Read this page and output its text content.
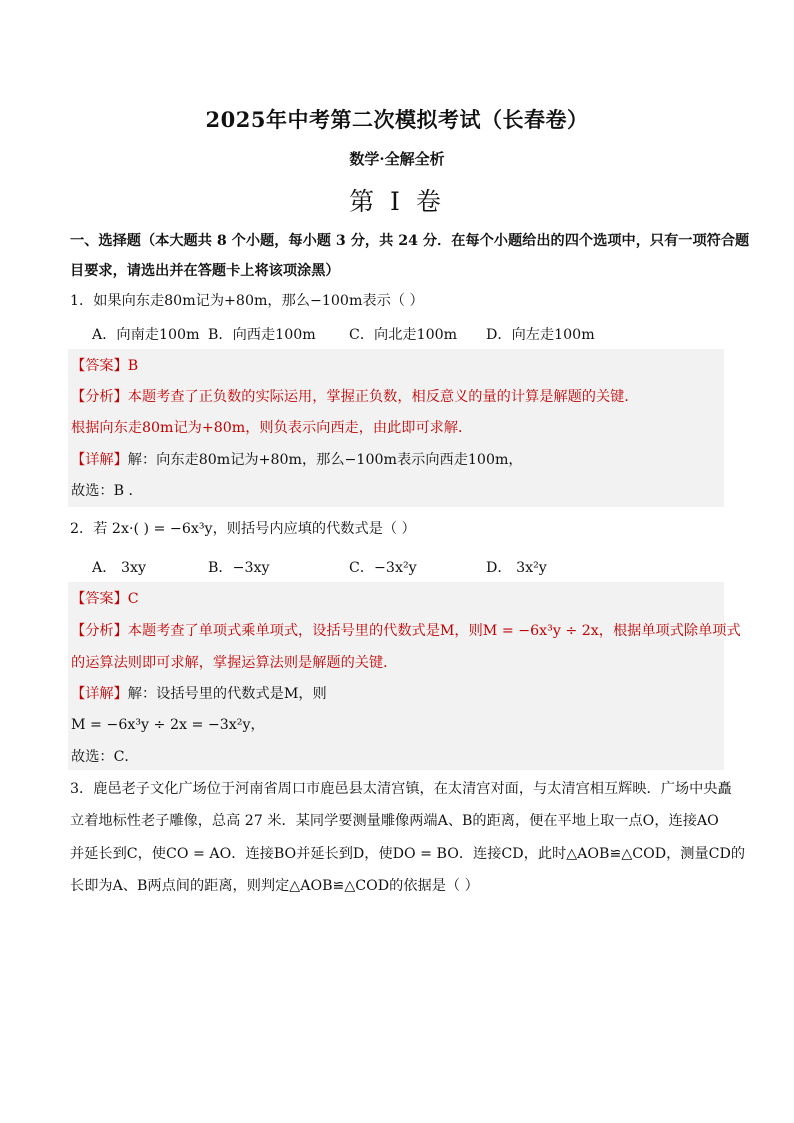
2025年中考第二次模拟考试（长春卷）
数学·全解全析
第 I 卷
一、选择题（本大题共 8 个小题，每小题 3 分，共 24 分．在每个小题给出的四个选项中，只有一项符合题
目要求，请选出并在答题卡上将该项涂黑）
1．如果向东走80m记为+80m，那么−100m表示（ ）
A．向南走100m B．向西走100m C．向北走100m D．向左走100m
【答案】B
【分析】本题考查了正负数的实际运用，掌握正负数，相反意义的量的计算是解题的关键．
根据向东走80m记为+80m，则负表示向西走，由此即可求解．
【详解】解：向东走80m记为+80m，那么−100m表示向西走100m，
故选：B ．
2．若 2x·( ) = −6x³y，则括号内应填的代数式是（ ）
A． 3xy	B．−3xy	C．−3x²y	D． 3x²y
【答案】C
【分析】本题考查了单项式乘单项式，设括号里的代数式是M，则M = −6x³y ÷ 2x，根据单项式除单项式
的运算法则即可求解，掌握运算法则是解题的关键．
【详解】解：设括号里的代数式是M，则
M = −6x³y ÷ 2x = −3x²y，
故选：C．
3．鹿邑老子文化广场位于河南省周口市鹿邑县太清宫镇，在太清宫对面，与太清宫相互辉映．广场中央矗
立着地标性老子雕像，总高 27 米．某同学要测量雕像两端A、B的距离，便在平地上取一点O，连接AO
并延长到C，使CO = AO．连接BO并延长到D，使DO = BO．连接CD，此时△AOB≌△COD，测量CD的
长即为A、B两点间的距离，则判定△AOB≌△COD的依据是（ ）
